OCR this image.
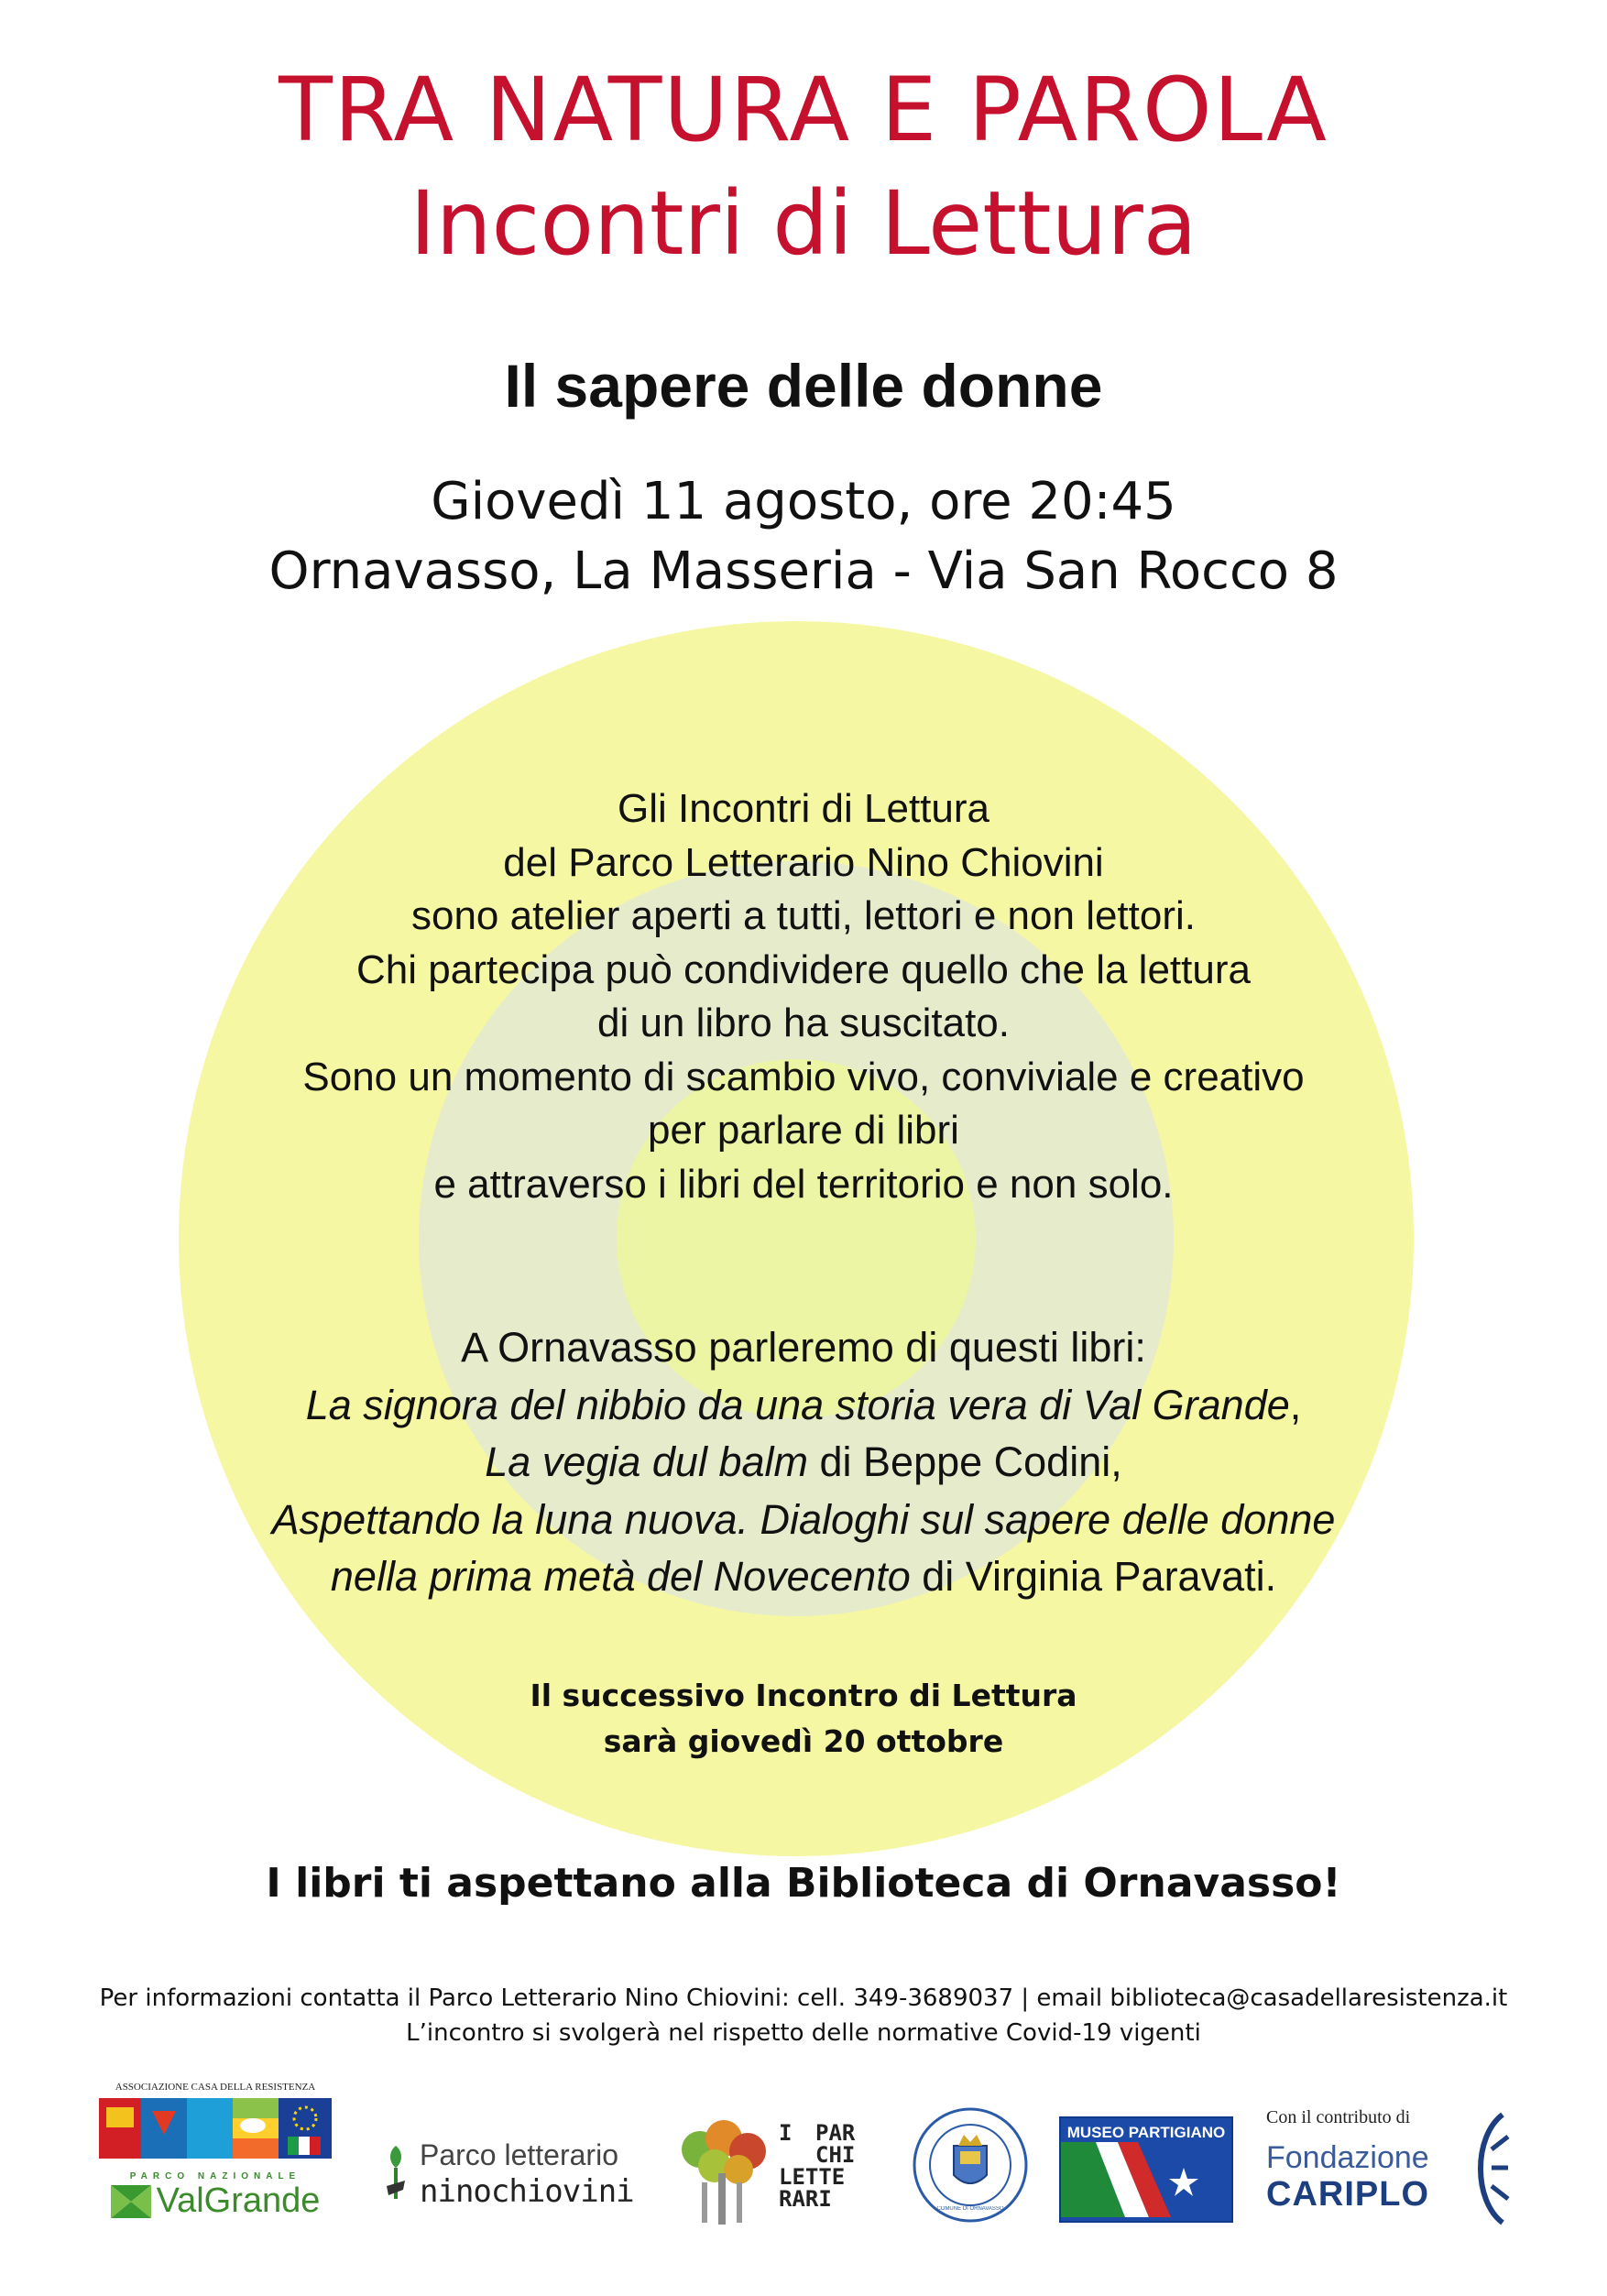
TRA NATURA E PAROLA
Incontri di Lettura
Il sapere delle donne
Giovedì 11 agosto, ore 20:45
Ornavasso, La Masseria - Via San Rocco 8
Gli Incontri di Lettura
del Parco Letterario Nino Chiovini
sono atelier aperti a tutti, lettori e non lettori.
Chi partecipa può condividere quello che la lettura
di un libro ha suscitato.
Sono un momento di scambio vivo, conviviale e creativo
per parlare di libri
e attraverso i libri del territorio e non solo.
A Ornavasso parleremo di questi libri:
La signora del nibbio da una storia vera di Val Grande,
La vegia dul balm di Beppe Codini,
Aspettando la luna nuova. Dialoghi sul sapere delle donne
nella prima metà del Novecento di Virginia Paravati.
Il successivo Incontro di Lettura
sarà giovedì 20 ottobre
I libri ti aspettano alla Biblioteca di Ornavasso!
Per informazioni contatta il Parco Letterario Nino Chiovini: cell. 349-3689037 | email biblioteca@casadellaresistenza.it
L’incontro si svolgerà nel rispetto delle normative Covid-19 vigenti
ASSOCIAZIONE CASA DELLA RESISTENZA
PARCO NAZIONALE
ValGrande
Parco letterario
ninochiovini
I	PAR
CHI
LETTE
RARI	COMUNE DI ORNAVASSO
MUSEO PARTIGIANO
Con il contributo di
Fondazione
CARIPLO
